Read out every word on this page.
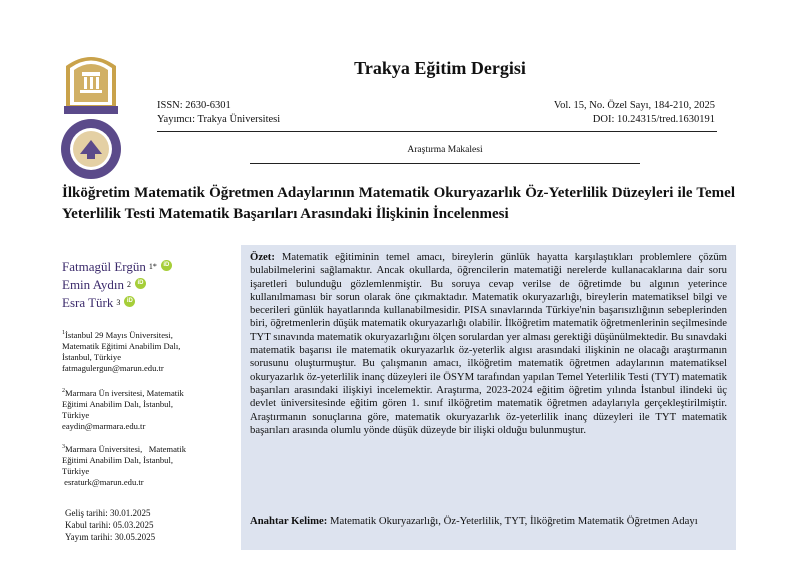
Trakya Eğitim Dergisi
ISSN: 2630-6301
Yayımcı: Trakya Üniversitesi
Vol. 15, No. Özel Sayı, 184-210, 2025
DOI: 10.24315/tred.1630191
Araştırma Makalesi
İlköğretim Matematik Öğretmen Adaylarının Matematik Okuryazarlık Öz-Yeterlilik Düzeyleri ile Temel Yeterlilik Testi Matematik Başarıları Arasındaki İlişkinin İncelenmesi
Fatmagül Ergün 1*	iD
Emin Aydın 2	iD
Esra Türk 3	iD
$^1$İstanbul 29 Mayıs Üniversitesi,
Matematik Eğitimi Anabilim Dalı,
İstanbul, Türkiye
fatmagulergun@marun.edu.tr
$^2$Marmara Ün iversitesi, Matematik
Eğitimi Anabilim Dalı, İstanbul,
Türkiye
eaydin@marmara.edu.tr
$^3$Marmara Üniversitesi,   Matematik
Eğitimi Anabilim Dalı, İstanbul,
Türkiye
esraturk@marun.edu.tr
Geliş tarihi: 30.01.2025
Kabul tarihi: 05.03.2025
Yayım tarihi: 30.05.2025
Özet: Matematik eğitiminin temel amacı, bireylerin günlük hayatta karşılaştıkları problemlere çözüm bulabilmelerini sağlamaktır. Ancak okullarda, öğrencilerin matematiği nerelerde kullanacaklarına dair soru işaretleri bulunduğu gözlemlenmiştir. Bu soruya cevap verilse de öğretimde bu algının yeterince kullanılmaması bir sorun olarak öne çıkmaktadır. Matematik okuryazarlığı, bireylerin matematiksel bilgi ve becerileri günlük hayatlarında kullanabilmesidir. PISA sınavlarında Türkiye'nin başarısızlığının sebeplerinden biri, öğretmenlerin düşük matematik okuryazarlığı olabilir. İlköğretim matematik öğretmenlerinin seçilmesinde TYT sınavında matematik okuryazarlığını ölçen sorulardan yer alması gerektiği düşünülmektedir. Bu sınavdaki matematik başarısı ile matematik okuryazarlık öz-yeterlik algısı arasındaki ilişkinin ne olacağı araştırmanın sorusunu oluşturmuştur. Bu çalışmanın amacı, ilköğretim matematik öğretmen adaylarının matematiksel okuryazarlık öz-yeterlilik inanç düzeyleri ile ÖSYM tarafından yapılan Temel Yeterlilik Testi (TYT) matematik başarıları arasındaki ilişkiyi incelemektir. Araştırma, 2023-2024 eğitim öğretim yılında İstanbul ilindeki üç devlet üniversitesinde eğitim gören 1. sınıf ilköğretim matematik öğretmen adaylarıyla gerçekleştirilmiştir. Araştırmanın sonuçlarına göre, matematik okuryazarlık öz-yeterlilik inanç düzeyleri ile TYT matematik başarıları arasında olumlu yönde düşük düzeyde bir ilişki olduğu bulunmuştur.
Anahtar Kelime: Matematik Okuryazarlığı, Öz-Yeterlilik, TYT, İlköğretim Matematik Öğretmen Adayı
